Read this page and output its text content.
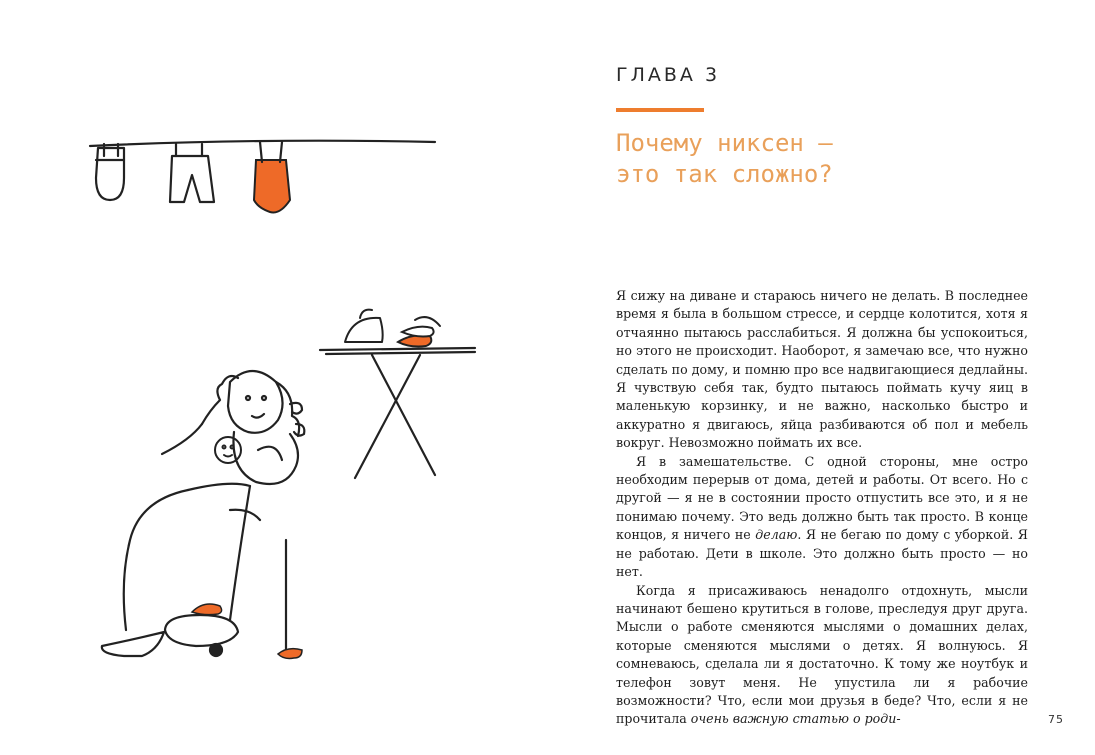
ГЛАВА 3
Почему никсен —
это так сложно?

Я сижу на диване и стараюсь ничего не делать. В последнее время я была в большом стрессе, и сердце колотится, хотя я отчаянно пытаюсь расслабиться. Я должна бы успокоиться, но этого не происходит. Наоборот, я замечаю все, что нужно сделать по дому, и помню про все надвигающиеся дедлайны. Я чувствую себя так, будто пытаюсь поймать кучу яиц в маленькую корзинку, и не важно, насколько быстро и аккуратно я двигаюсь, яйца разбиваются об пол и мебель вокруг. Невозможно поймать их все.

Я в замешательстве. С одной стороны, мне остро необходим перерыв от дома, детей и работы. От всего. Но с другой — я не в состоянии просто отпустить все это, и я не понимаю почему. Это ведь должно быть так просто. В конце концов, я ничего не делаю. Я не бегаю по дому с уборкой. Я не работаю. Дети в школе. Это должно быть просто — но нет.

Когда я присаживаюсь ненадолго отдохнуть, мысли начинают бешено крутиться в голове, преследуя друг друга. Мысли о работе сменяются мыслями о домашних делах, которые сменяются мыслями о детях. Я волнуюсь. Я сомневаюсь, сделала ли я достаточно. К тому же ноутбук и телефон зовут меня. Не упустила ли я рабочие возможности? Что, если мои друзья в беде? Что, если я не прочитала очень важную статью о роди-	75
